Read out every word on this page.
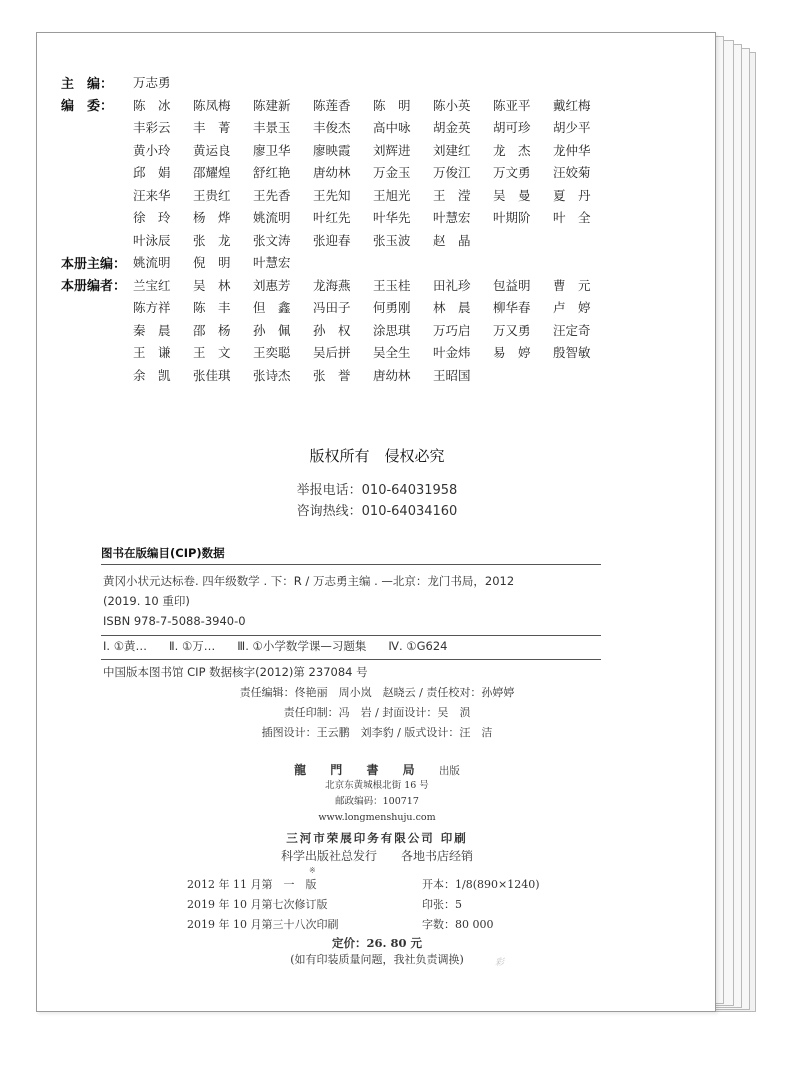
主　编：	万志勇
编　委：	陈　冰	陈凤梅	陈建新	陈莲香	陈　明	陈小英	陈亚平	戴红梅
丰彩云	丰　菁	丰景玉	丰俊杰	高中咏	胡金英	胡可珍	胡少平
黄小玲	黄运良	廖卫华	廖映霞	刘辉进	刘建红	龙　杰	龙仲华
邱　娟	邵耀煌	舒红艳	唐幼林	万金玉	万俊江	万文勇	汪姣菊
汪来华	王贵红	王先香	王先知	王旭光	王　滢	吴　曼	夏　丹
徐　玲	杨　烨	姚流明	叶红先	叶华先	叶慧宏	叶期阶	叶　全
叶泳辰	张　龙	张文涛	张迎春	张玉波	赵　晶
本册主编： 姚流明	倪　明	叶慧宏
本册编者： 兰宝红	吴　林	刘惠芳	龙海燕	王玉桂	田礼珍	包益明	曹　元
陈方祥	陈　丰	但　鑫	冯田子	何勇刚	林　晨	柳华春	卢　婷
秦　晨	邵　杨	孙　佩	孙　权	涂思琪	万巧启	万又勇	汪定奇
王　谦	王　文	王奕聪	吴后拼	吴全生	叶金炜	易　婷	殷智敏
余　凯	张佳琪	张诗杰	张　誉	唐幼林	王昭国
版权所有　侵权必究
举报电话：010-64031958
咨询热线：010-64034160
图书在版编目(CIP)数据
黄冈小状元达标卷. 四年级数学 . 下：R / 万志勇主编 . —北京：龙门书局，2012
(2019. 10 重印)
ISBN 978-7-5088-3940-0
Ⅰ. ①黄… Ⅱ. ①万… Ⅲ. ①小学数学课—习题集 Ⅳ. ①G624
中国版本图书馆 CIP 数据核字(2012)第 237084 号
责任编辑：佟艳丽　周小岚　赵晓云 / 责任校对：孙婷婷
责任印制：冯　岩 / 封面设计：吴　涢
插图设计：王云鹏　刘李豹 / 版式设计：汪　洁
龍 門 書 局 出版
北京东黄城根北街 16 号
邮政编码：100717
www.longmenshuju.com
三河市荣展印务有限公司 印刷
科学出版社总发行　　各地书店经销
※
2012 年 11 月第　一　版	开本：1/8(890×1240)
2019 年 10 月第七次修订版	印张：5
2019 年 10 月第三十八次印刷	字数：80 000
定价：26. 80 元
(如有印装质量问题，我社负责调换)	彩
